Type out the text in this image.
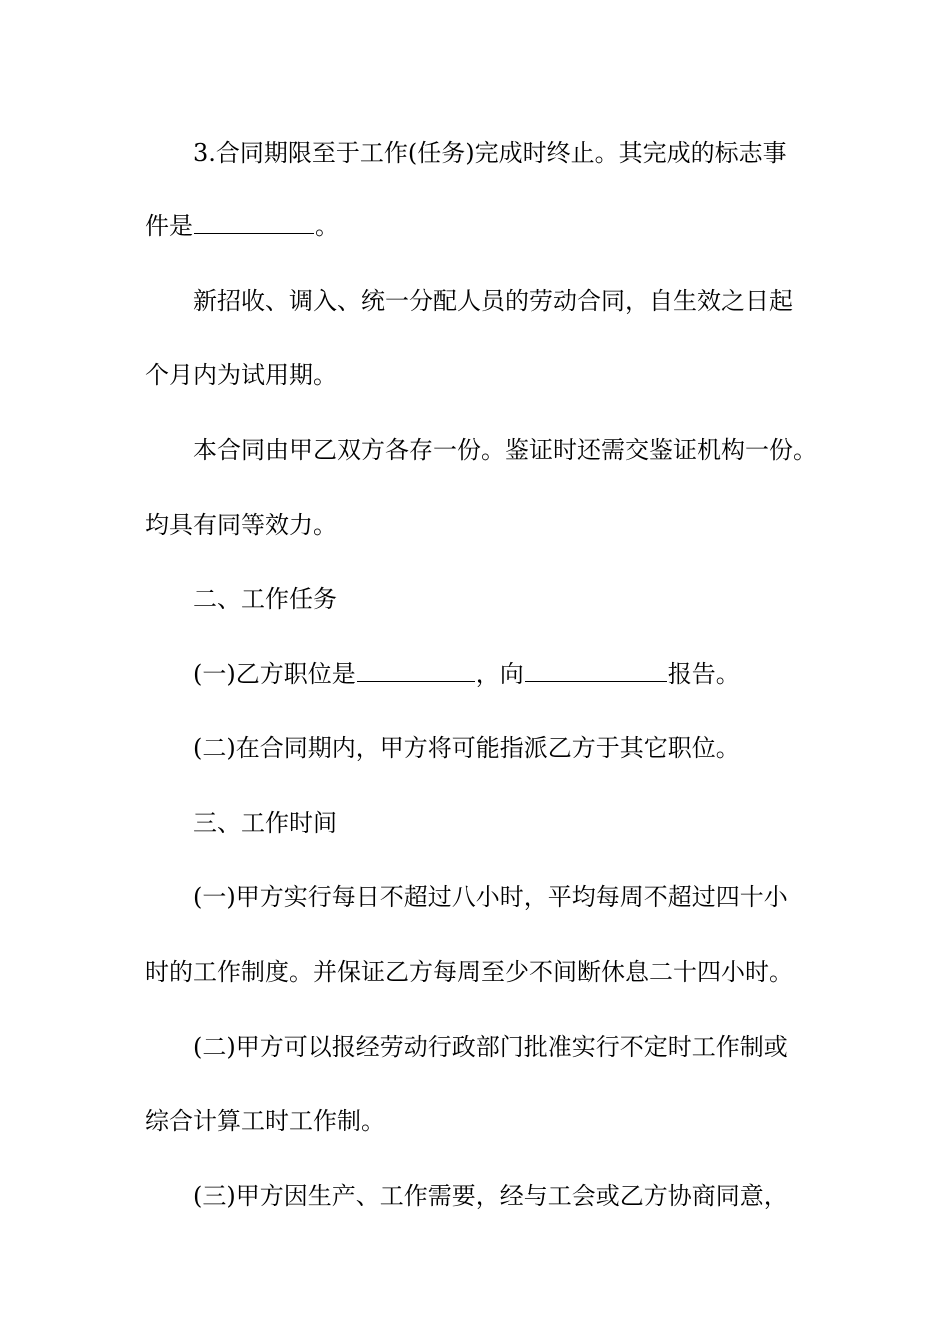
3.合同期限至于工作(任务)完成时终止。其完成的标志事
件是	。
新招收、调入、统一分配人员的劳动合同，自生效之日起
个月内为试用期。
本合同由甲乙双方各存一份。鉴证时还需交鉴证机构一份。
均具有同等效力。
二、工作任务
(一)乙方职位是	，向	报告。
(二)在合同期内，甲方将可能指派乙方于其它职位。
三、工作时间
(一)甲方实行每日不超过八小时，平均每周不超过四十小
时的工作制度。并保证乙方每周至少不间断休息二十四小时。
(二)甲方可以报经劳动行政部门批准实行不定时工作制或
综合计算工时工作制。
(三)甲方因生产、工作需要，经与工会或乙方协商同意，
